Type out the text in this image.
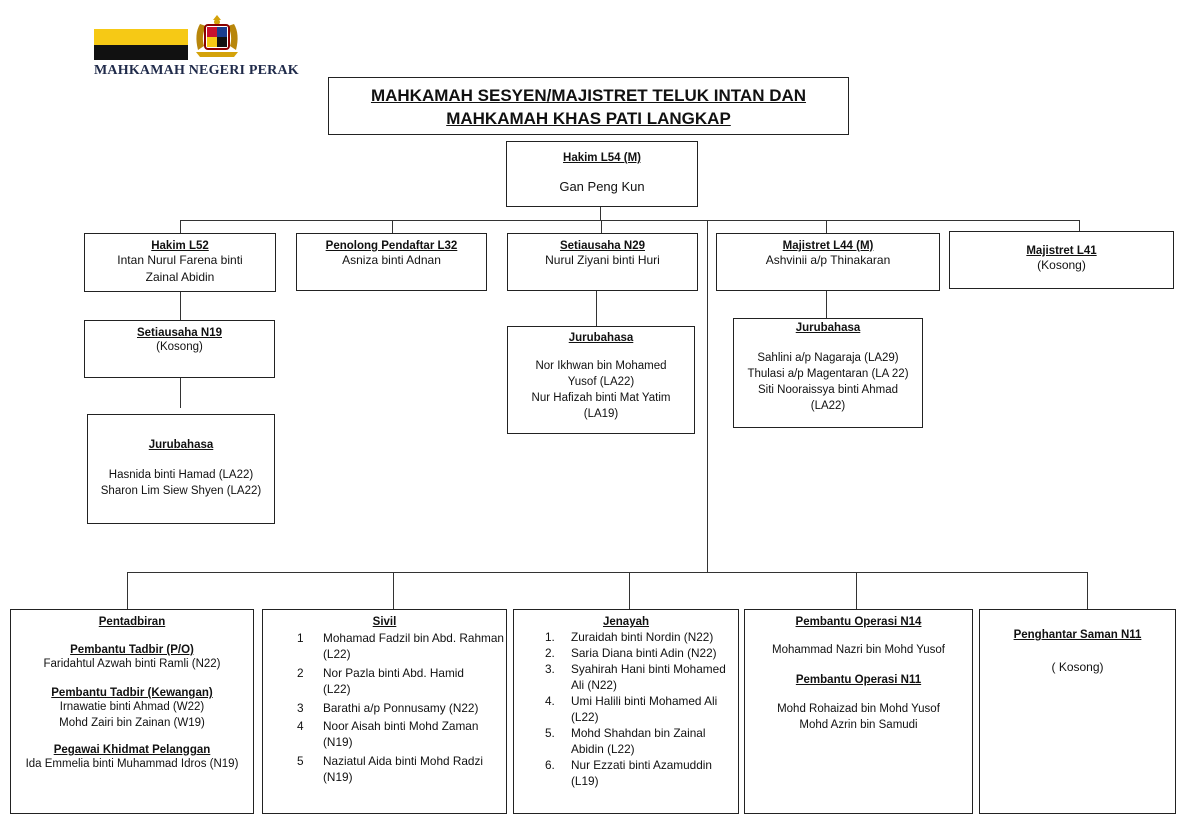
MAHKAMAH NEGERI PERAK
MAHKAMAH SESYEN/MAJISTRET TELUK INTAN DAN
MAHKAMAH KHAS PATI LANGKAP
Hakim L54 (M)
Gan Peng Kun
Hakim L52
Intan Nurul Farena binti
Zainal Abidin
Penolong Pendaftar L32
Asniza binti Adnan
Setiausaha N29
Nurul Ziyani binti Huri
Majistret L44 (M)
Ashvinii a/p Thinakaran
Majistret L41
(Kosong)
Setiausaha N19
(Kosong)
Jurubahasa
Hasnida binti Hamad (LA22)
Sharon Lim Siew Shyen (LA22)
Jurubahasa
Nor Ikhwan bin Mohamed
Yusof (LA22)
Nur Hafizah binti Mat Yatim
(LA19)
Jurubahasa
Sahlini a/p Nagaraja (LA29)
Thulasi a/p Magentaran (LA 22)
Siti Nooraissya binti Ahmad
(LA22)
Pentadbiran
Pembantu Tadbir (P/O)
Faridahtul Azwah binti Ramli (N22)
Pembantu Tadbir (Kewangan)
Irnawatie binti Ahmad (W22)
Mohd Zairi bin Zainan (W19)
Pegawai Khidmat Pelanggan
Ida Emmelia binti Muhammad Idros (N19)
Sivil
1	Mohamad Fadzil bin Abd. Rahman
(L22)
2	Nor Pazla binti Abd. Hamid
(L22)
3	Barathi a/p Ponnusamy (N22)
4	Noor Aisah binti Mohd Zaman
(N19)
5	Naziatul Aida binti Mohd Radzi
(N19)
Jenayah
1.	Zuraidah binti Nordin (N22)
2.	Saria Diana binti Adin (N22)
3.	Syahirah Hani binti Mohamed
Ali (N22)
4.	Umi Halili binti Mohamed Ali
(L22)
5.	Mohd Shahdan bin Zainal
Abidin (L22)
6.	Nur Ezzati binti Azamuddin
(L19)
Pembantu Operasi N14
Mohammad Nazri bin Mohd Yusof
Pembantu Operasi N11
Mohd Rohaizad bin Mohd Yusof
Mohd Azrin bin Samudi
Penghantar Saman N11
( Kosong)
